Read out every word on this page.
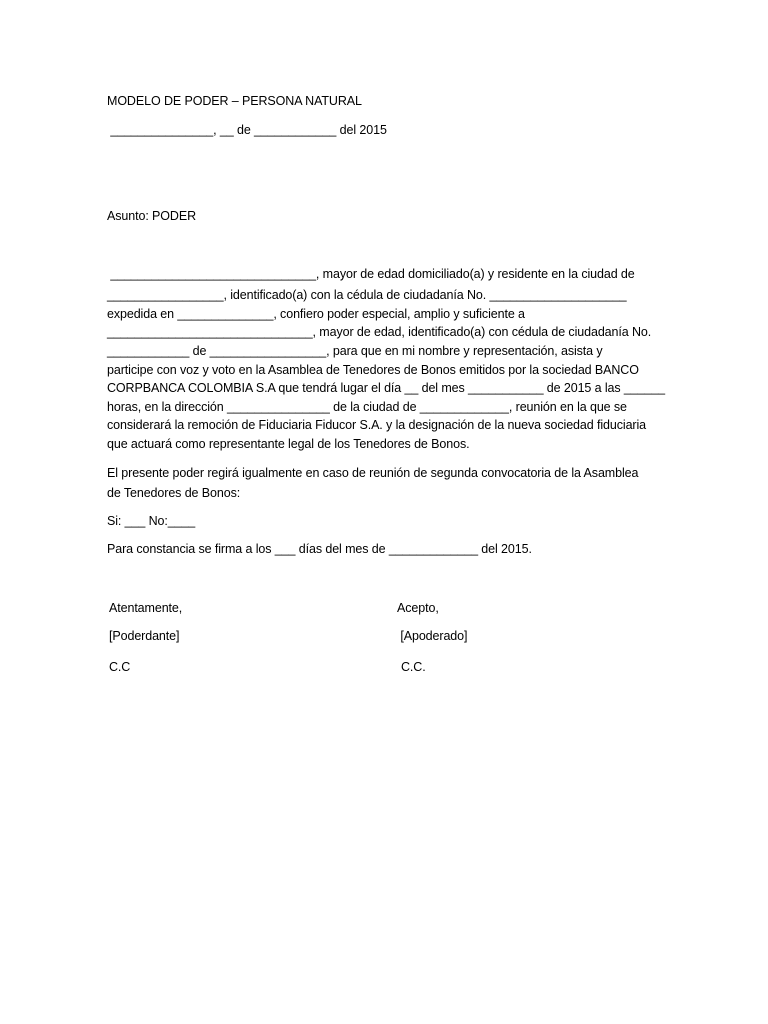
MODELO DE PODER – PERSONA NATURAL
_______________, __ de ____________ del 2015
Asunto: PODER
______________________________, mayor de edad domiciliado(a) y residente en la ciudad de
_________________, identificado(a) con la cédula de ciudadanía No. ____________________
expedida en ______________, confiero poder especial, amplio y suficiente a
______________________________, mayor de edad, identificado(a) con cédula de ciudadanía No.
____________ de _________________, para que en mi nombre y representación, asista y
participe con voz y voto en la Asamblea de Tenedores de Bonos emitidos por la sociedad BANCO
CORPBANCA COLOMBIA S.A que tendrá lugar el día __ del mes ___________ de 2015 a las ______
horas, en la dirección _______________ de la ciudad de _____________, reunión en la que se
considerará la remoción de Fiduciaria Fiducor S.A. y la designación de la nueva sociedad fiduciaria
que actuará como representante legal de los Tenedores de Bonos.
El presente poder regirá igualmente en caso de reunión de segunda convocatoria de la Asamblea
de Tenedores de Bonos:
Si: ___ No:____
Para constancia se firma a los ___ días del mes de _____________ del 2015.
Atentamente,
[Poderdante]
C.C
Acepto,
[Apoderado]
C.C.
